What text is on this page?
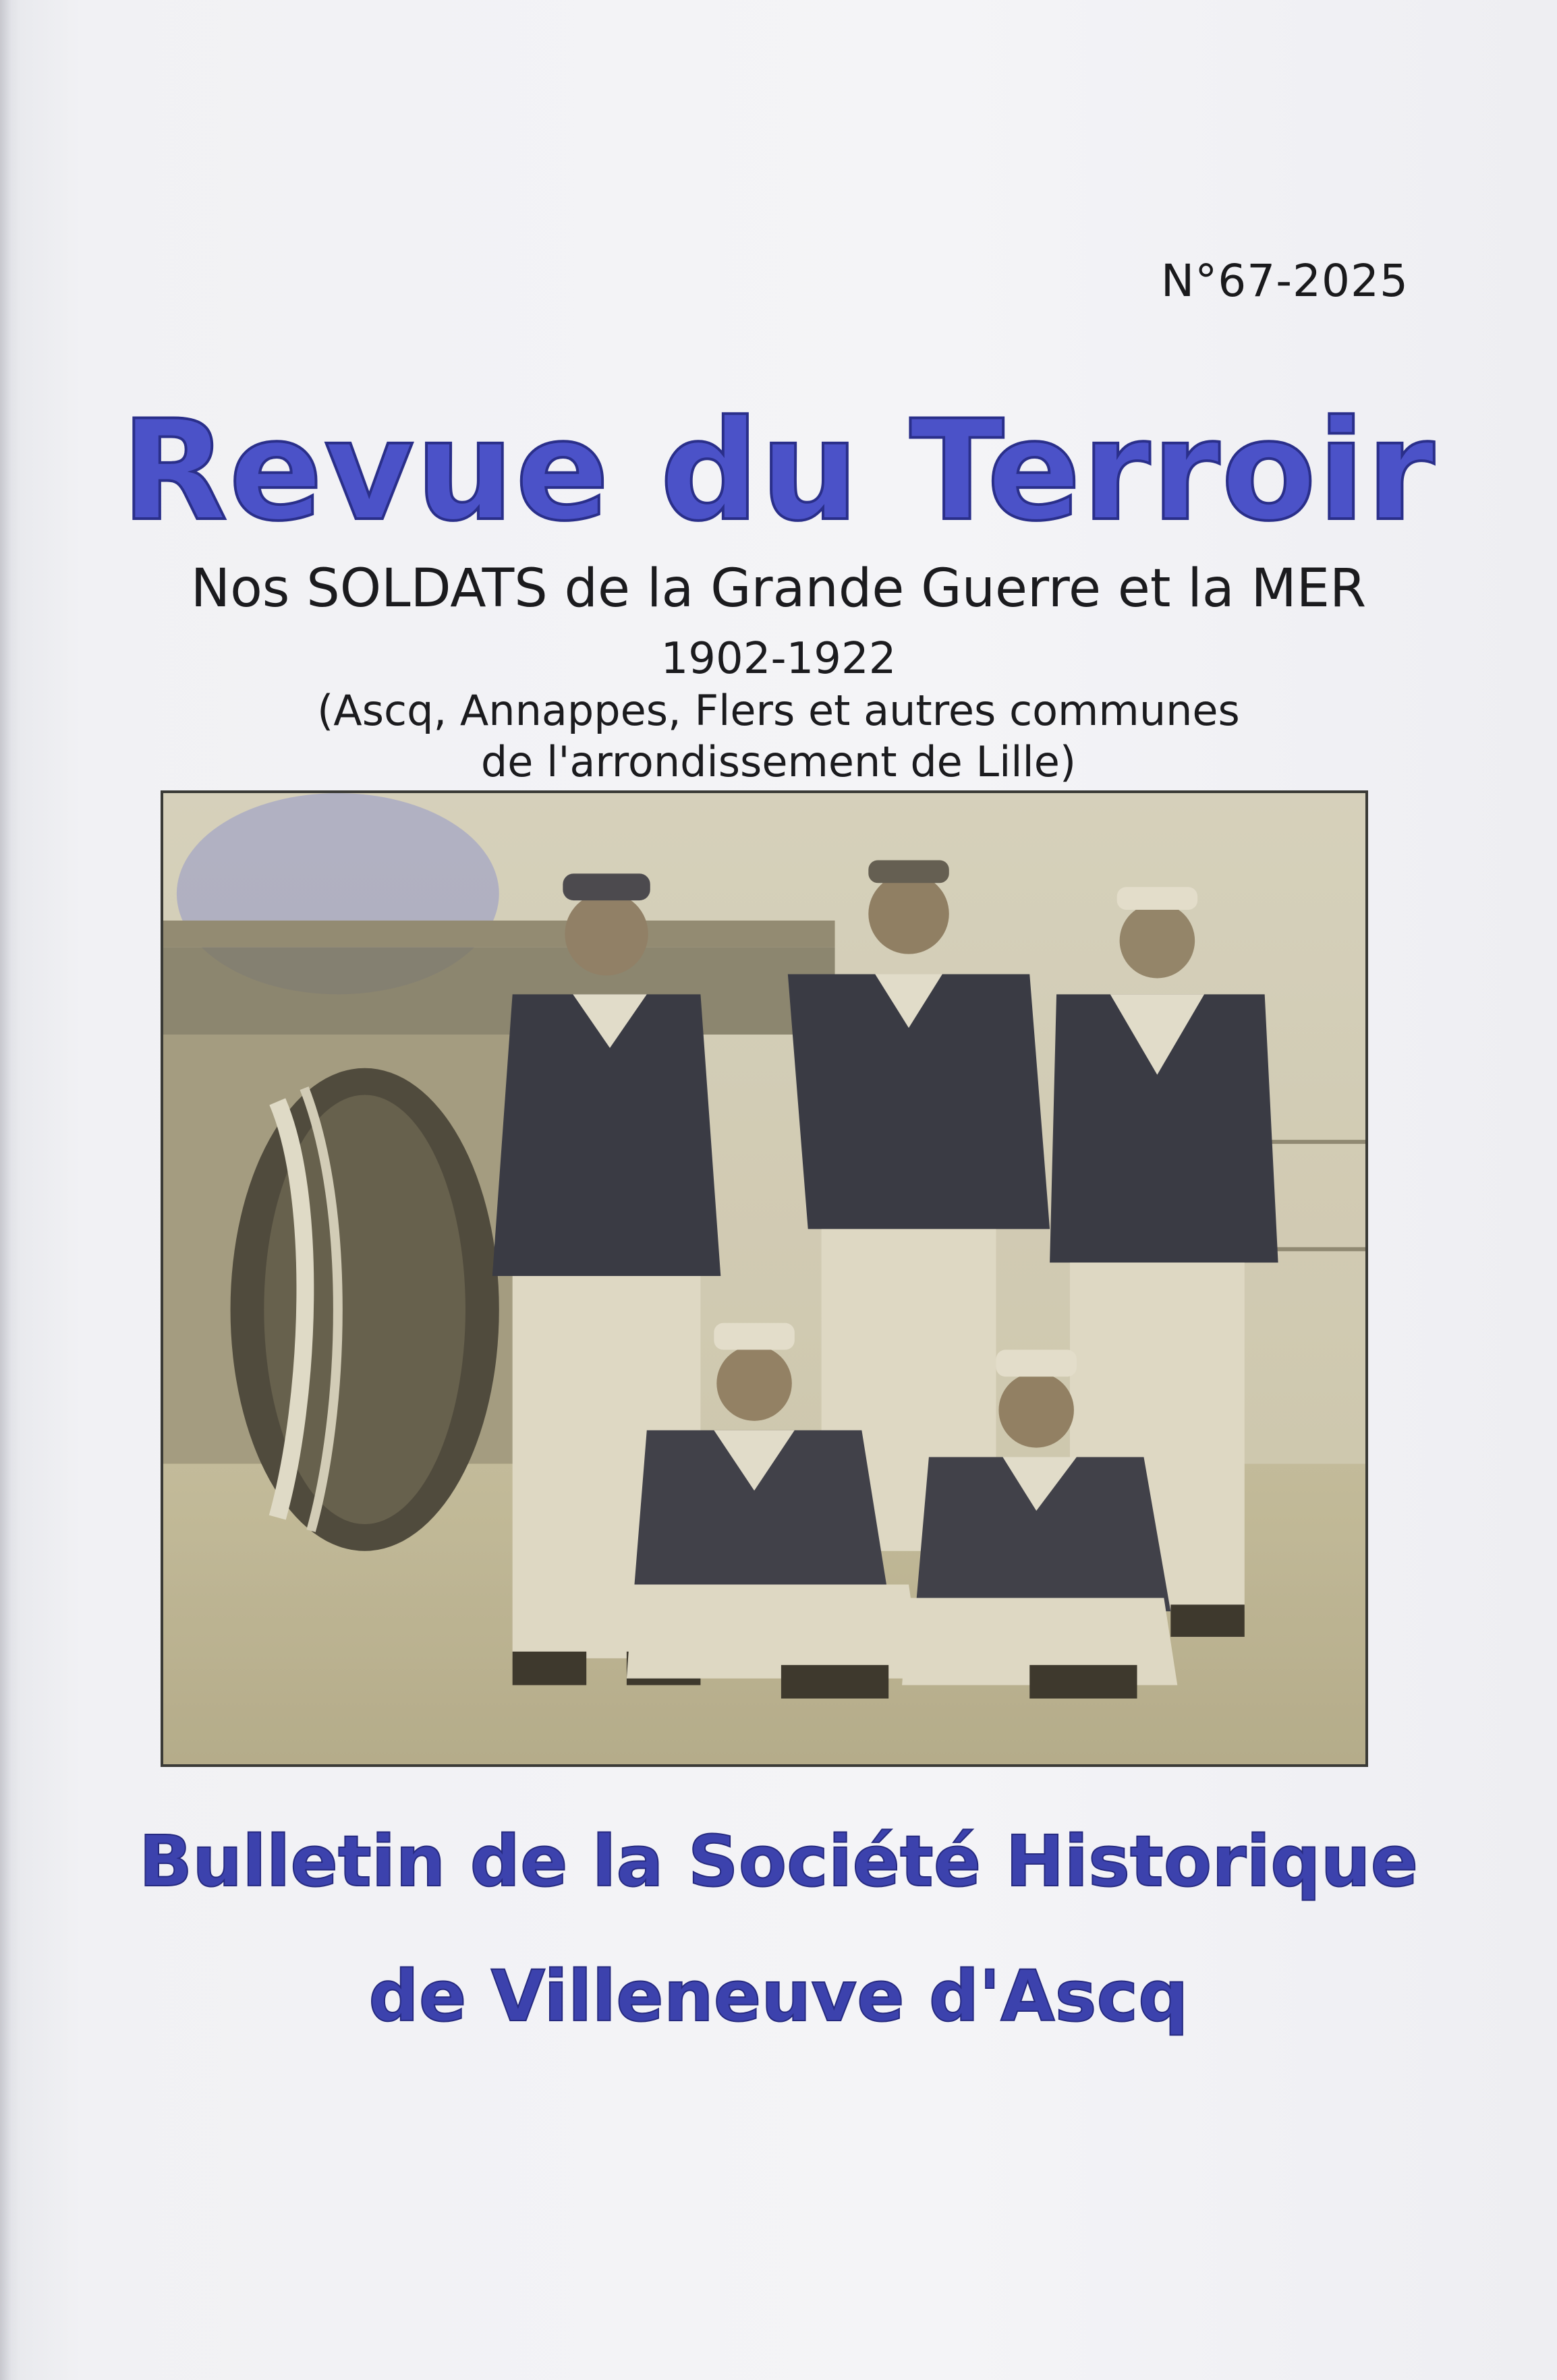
N°67-2025
Revue du Terroir
Nos SOLDATS de la Grande Guerre et la MER
1902-1922
(Ascq, Annappes, Flers et autres communes
de l'arrondissement de Lille)
Bulletin de la Société Historique
de Villeneuve d'Ascq
